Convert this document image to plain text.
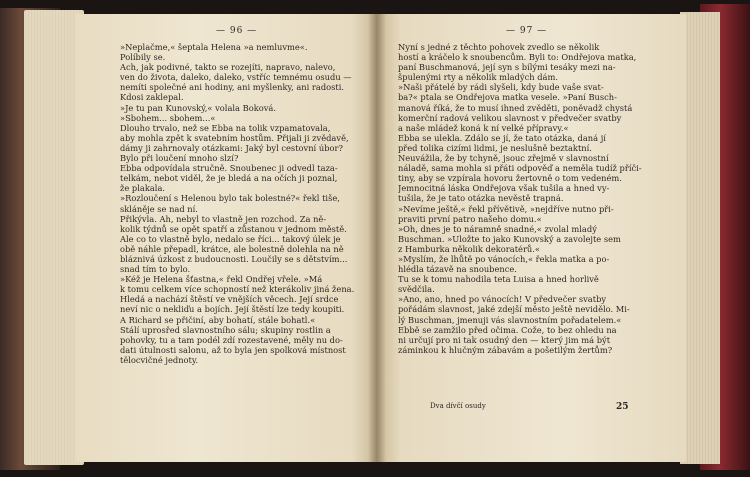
— 96 —	— 97 —

»Neplačme,« šeptala Helena »a nemluvme«.

Políbily se.

Ach, jak podivné, takto se rozejíti, napravo, nalevo,

ven do života, daleko, daleko, vstříc temnému osudu —

nemíti společné ani hodiny, ani myšlenky, ani radosti.

Kdosi zaklepal.

»Je tu pan Kunovský,« volala Boková.

»Sbohem... sbohem...«

Dlouho trvalo, než se Ebba na tolik vzpamatovala,

aby mohla zpět k svatebním hostům. Přijali ji zvědavě,

dámy ji zahrnovaly otázkami: Jaký byl cestovní úbor?

Bylo při loučení mnoho slzí?

Ebba odpovídala stručně. Snoubenec ji odvedl taza-

telkám, nebot viděl, že je bledá a na očích ji poznal,

že plakala.

»Rozloučení s Helenou bylo tak bolestné?« řekl tiše,

skláněje se nad ní.

Přikývla. Ah, nebyl to vlastně jen rozchod. Za ně-

kolik týdnů se opět spatří a zůstanou v jednom městě.

Ale co to vlastně bylo, nedalo se říci... takový úlek je

obě náhle přepadl, krátce, ale bolestně dolehla na ně

bláznivá úzkost z budoucnosti. Loučily se s dětstvím...

snad tím to bylo.

»Kéž je Helena šťastna,« řekl Ondřej vřele. »Má

k tomu celkem více schopností než kterákoliv jiná žena.

Hledá a nachází štěstí ve vnějších věcech. Její srdce

neví nic o nekliďu a bojích. Její štěstí lze tedy koupiti.

A Richard se přičiní, aby bohatí, stále bohatl.«

Stálí uprosřed slavnostního sálu; skupiny rostlin a

pohovky, tu a tam podél zdí rozestavené, měly nu do-

dati útulnosti salonu, až to byla jen spolková místnost

tělocvičné jednoty.

Nyní s jedné z těchto pohovek zvedlo se několik

hostí a kráčelo k snoubencům. Byli to: Ondřejova matka,

paní Buschmanová, její syn s bílými tesáky mezi na-

špulenými rty a několik mladých dám.

»Naši přátelé by rádi slyšeli, kdy bude vaše svat-

ba?« ptala se Ondřejova matka vesele. »Paní Busch-

manová říká, že to musí ihned zvěděti, poněvadž chystá

komerční radová velikou slavnost v předvečer svatby

a naše mládež koná k ní velké přípravy.«

Ebba se ulekla. Zdálo se jí, že tato otázka, daná jí

před tolika cizími lidmi, je neslušně beztaktní.

Neuvážila, že by tchyně, jsouc zřejmě v slavnostní

náladě, sama mohla si přáti odpověď a neměla tudíž příči-

tiny, aby se vzpírala hovoru žertovně o tom vedeném.

Jemnocitná láska Ondřejova však tušila a hned vy-

tušila, že je tato otázka nevěstě trapná.

»Nevíme ještě,« řekl přívětivě, »nejdříve nutno při-

praviti první patro našeho domu.«

»Oh, dnes je to náramně snadné,« zvolal mladý

Buschman. »Uložte to jako Kunovský a zavolejte sem

z Hamburka několik dekoratérů.«

»Myslím, že lhůtě po vánocích,« řekla matka a po-

hlédla tázavě na snoubence.

Tu se k tomu nahodila teta Luisa a hned horlivě

svědčila.

»Ano, ano, hned po vánocích! V předvečer svatby

pořádám slavnost, jaké zdejší město ještě nevidělo. Mi-

lý Buschman, jmenuji vás slavnostním pořadatelem.«

Ebbě se zamžilo před očima. Cože, to bez ohledu na

ni určují pro ni tak osudný den — který jim má být

záminkou k hlučným zábavám a pošetilým žertům?

Dva dívčí osudy	25
